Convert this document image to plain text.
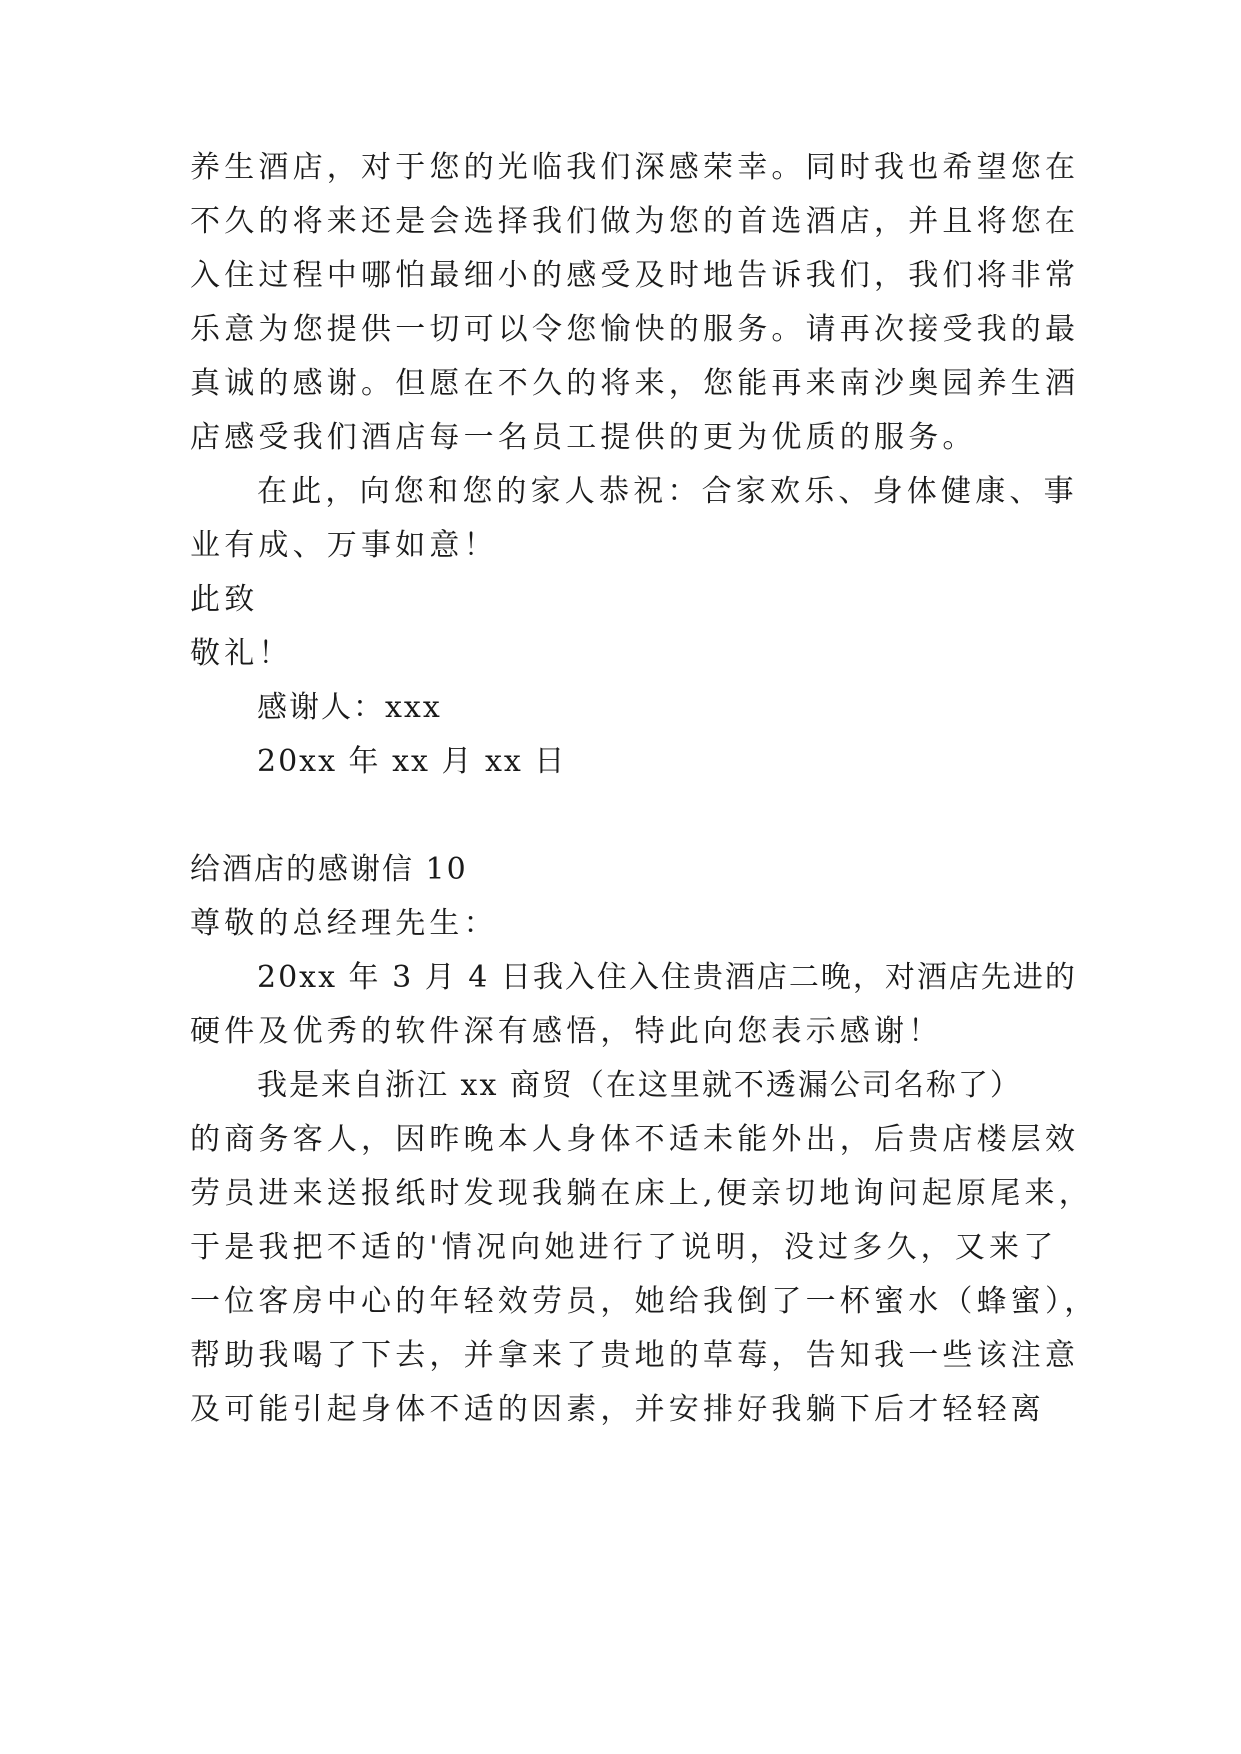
养生酒店，对于您的光临我们深感荣幸。同时我也希望您在
不久的将来还是会选择我们做为您的首选酒店，并且将您在
入住过程中哪怕最细小的感受及时地告诉我们，我们将非常
乐意为您提供一切可以令您愉快的服务。请再次接受我的最
真诚的感谢。但愿在不久的将来，您能再来南沙奥园养生酒
店感受我们酒店每一名员工提供的更为优质的服务。
在此，向您和您的家人恭祝：合家欢乐、身体健康、事
业有成、万事如意！
此致
敬礼！
感谢人：xxx
20xx 年 xx 月 xx 日
给酒店的感谢信 10
尊敬的总经理先生：
20xx 年 3 月 4 日我入住入住贵酒店二晚，对酒店先进的
硬件及优秀的软件深有感悟，特此向您表示感谢！
我是来自浙江 xx 商贸（在这里就不透漏公司名称了）
的商务客人，因昨晚本人身体不适未能外出，后贵店楼层效
劳员进来送报纸时发现我躺在床上,便亲切地询问起原尾来，
于是我把不适的'情况向她进行了说明，没过多久，又来了
一位客房中心的年轻效劳员，她给我倒了一杯蜜水（蜂蜜），
帮助我喝了下去，并拿来了贵地的草莓，告知我一些该注意
及可能引起身体不适的因素，并安排好我躺下后才轻轻离
